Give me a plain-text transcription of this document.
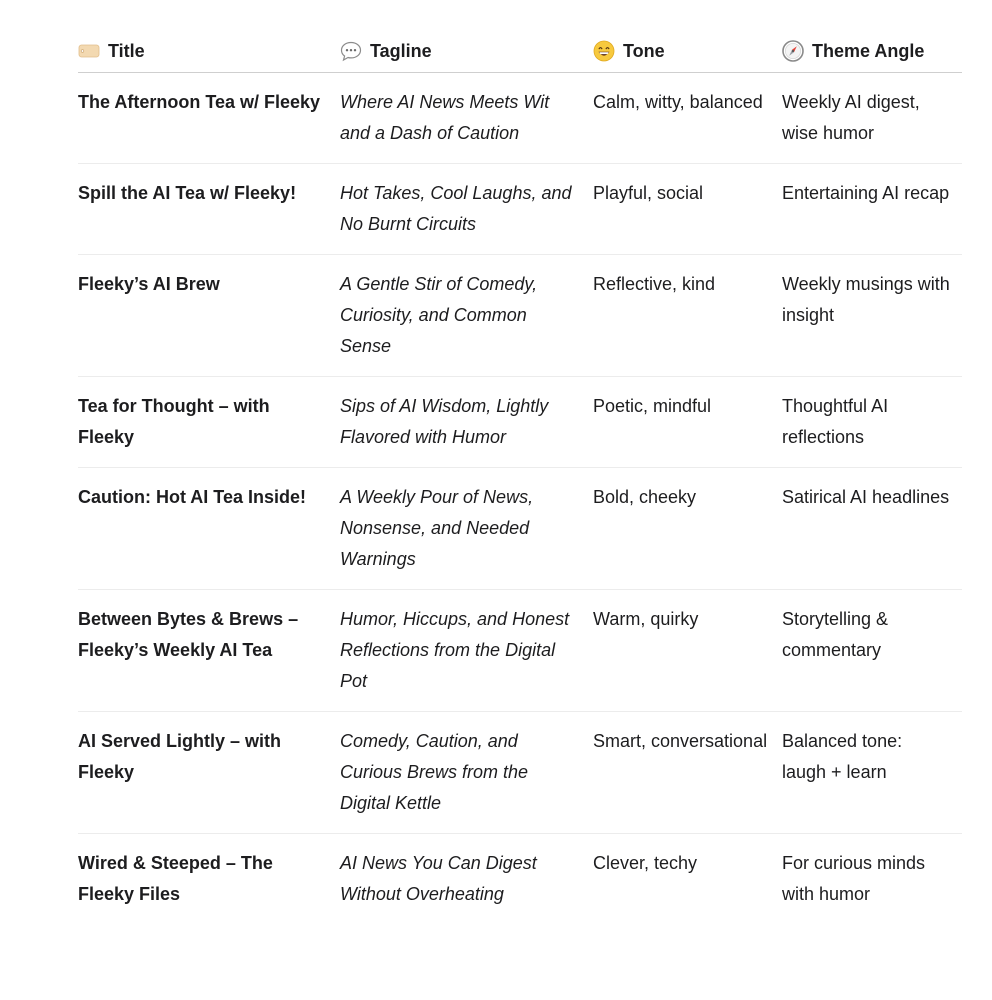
Title	Tagline	Tone	Theme Angle
The Afternoon Tea w/ Fleeky	Where AI News Meets Wit and a Dash of Caution	Calm, witty, balanced	Weekly AI digest, wise humor
Spill the AI Tea w/ Fleeky!	Hot Takes, Cool Laughs, and No Burnt Circuits	Playful, social	Entertaining AI recap
Fleeky’s AI Brew	A Gentle Stir of Comedy, Curiosity, and Common Sense	Reflective, kind	Weekly musings with insight
Tea for Thought – with Fleeky	Sips of AI Wisdom, Lightly Flavored with Humor	Poetic, mindful	Thoughtful AI reflections
Caution: Hot AI Tea Inside!	A Weekly Pour of News, Nonsense, and Needed Warnings	Bold, cheeky	Satirical AI headlines
Between Bytes & Brews – Fleeky’s Weekly AI Tea	Humor, Hiccups, and Honest Reflections from the Digital Pot	Warm, quirky	Storytelling & commentary
AI Served Lightly – with Fleeky	Comedy, Caution, and Curious Brews from the Digital Kettle	Smart, conversational	Balanced tone: laugh + learn
Wired & Steeped – The Fleeky Files	AI News You Can Digest Without Overheating	Clever, techy	For curious minds with humor
